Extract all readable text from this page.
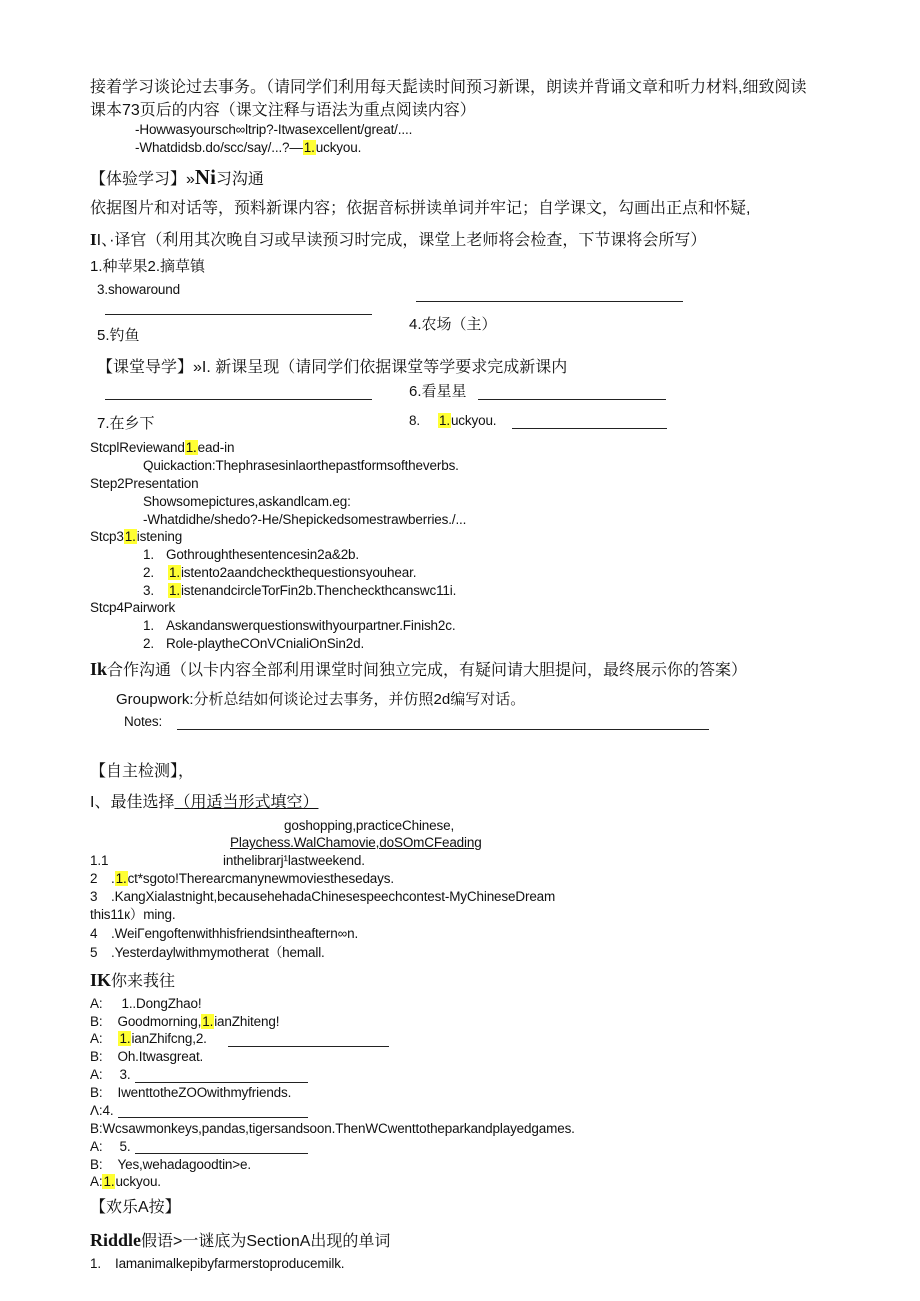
接着学习谈论过去事务。（请同学们利用每天髭读时间预习新课，朗读并背诵文章和听力材料,细致阅读
课本73页后的内容（课文注释与语法为重点阅读内容）
-Howwasyoursch∞ltrip?-Itwasexcellent/great/....
-Whatdidsb.do/scc/say/...?—1.uckyou.
【体验学习】»Ni习沟通
依据图片和对话等，预料新课内容；依据音标拼读单词并牢记；自学课文，勾画出正点和怀疑,
II、·译官（利用其次晚自习或早读预习时完成，课堂上老师将会检查，下节课将会所写）
1.种苹果2.摘草镇
3.showaround
4.农场（主）
5.钓鱼
【课堂导学】»I. 新课呈现（请同学们依据课堂等学要求完成新课内
6.看星星
7.在乡下	8. 1.uckyou.
StcplReviewand1.ead-in
Quickaction:Thephrasesinlaorthepastformsoftheverbs.
Step2Presentation
Showsomepictures,askandlcam.eg:
-Whatdidhe/shedo?-He/Shepickedsomestrawberries./...
Stcp31.istening
1. Gothroughthesentencesin2a&2b.
2. 1.istento2aandcheckthequestionsyouhear.
3. 1.istenandcircleTorFin2b.Thencheckthcanswc11i.
Stcp4Pairwork
1. Askandanswerquestionswithyourpartner.Finish2c.
2. Role-playtheCOnVCnialiOnSin2d.
Ik合作沟通（以卡内容全部利用课堂时间独立完成，有疑问请大胆提问，最终展示你的答案）
Groupwork:分析总结如何谈论过去事务，并仿照2d编写对话。
Notes:
【自主检测】，
I、最佳选择（用适当形式填空）
goshopping,practiceChinese,
Playchess.WalChamovie,doSOmCFeading
1.1	inthelibrarj¹lastweekend.
2 .1.ct*sgoto!Therearcmanynewmoviesthesedays.
3 .KangXialastnight,becausehehadaChinesespeechcontest-MyChineseDream
this11к）ming.
4 .WeiΓengoftenwithhisfriendsintheaftern∞n.
5 .Yesterdaylwithmymotherat（hemall.
IK你来莪往
A: 1..DongZhao!
B: Goodmorning,1.ianZhiteng!
A: 1.ianZhifcng,2.
B: Oh.Itwasgreat.
A: 3.
B: IwenttotheZOOwithmyfriends.
Λ:4.
B:Wcsawmonkeys,pandas,tigersandsoon.ThenWCwenttotheparkandplayedgames.
A: 5.
B: Yes,wehadagoodtin>e.
A:1.uckyou.
【欢乐A按】
Riddle假语>一谜底为SectionA出现的单词
1. Iamanimalkepibyfarmerstoproducemilk.
